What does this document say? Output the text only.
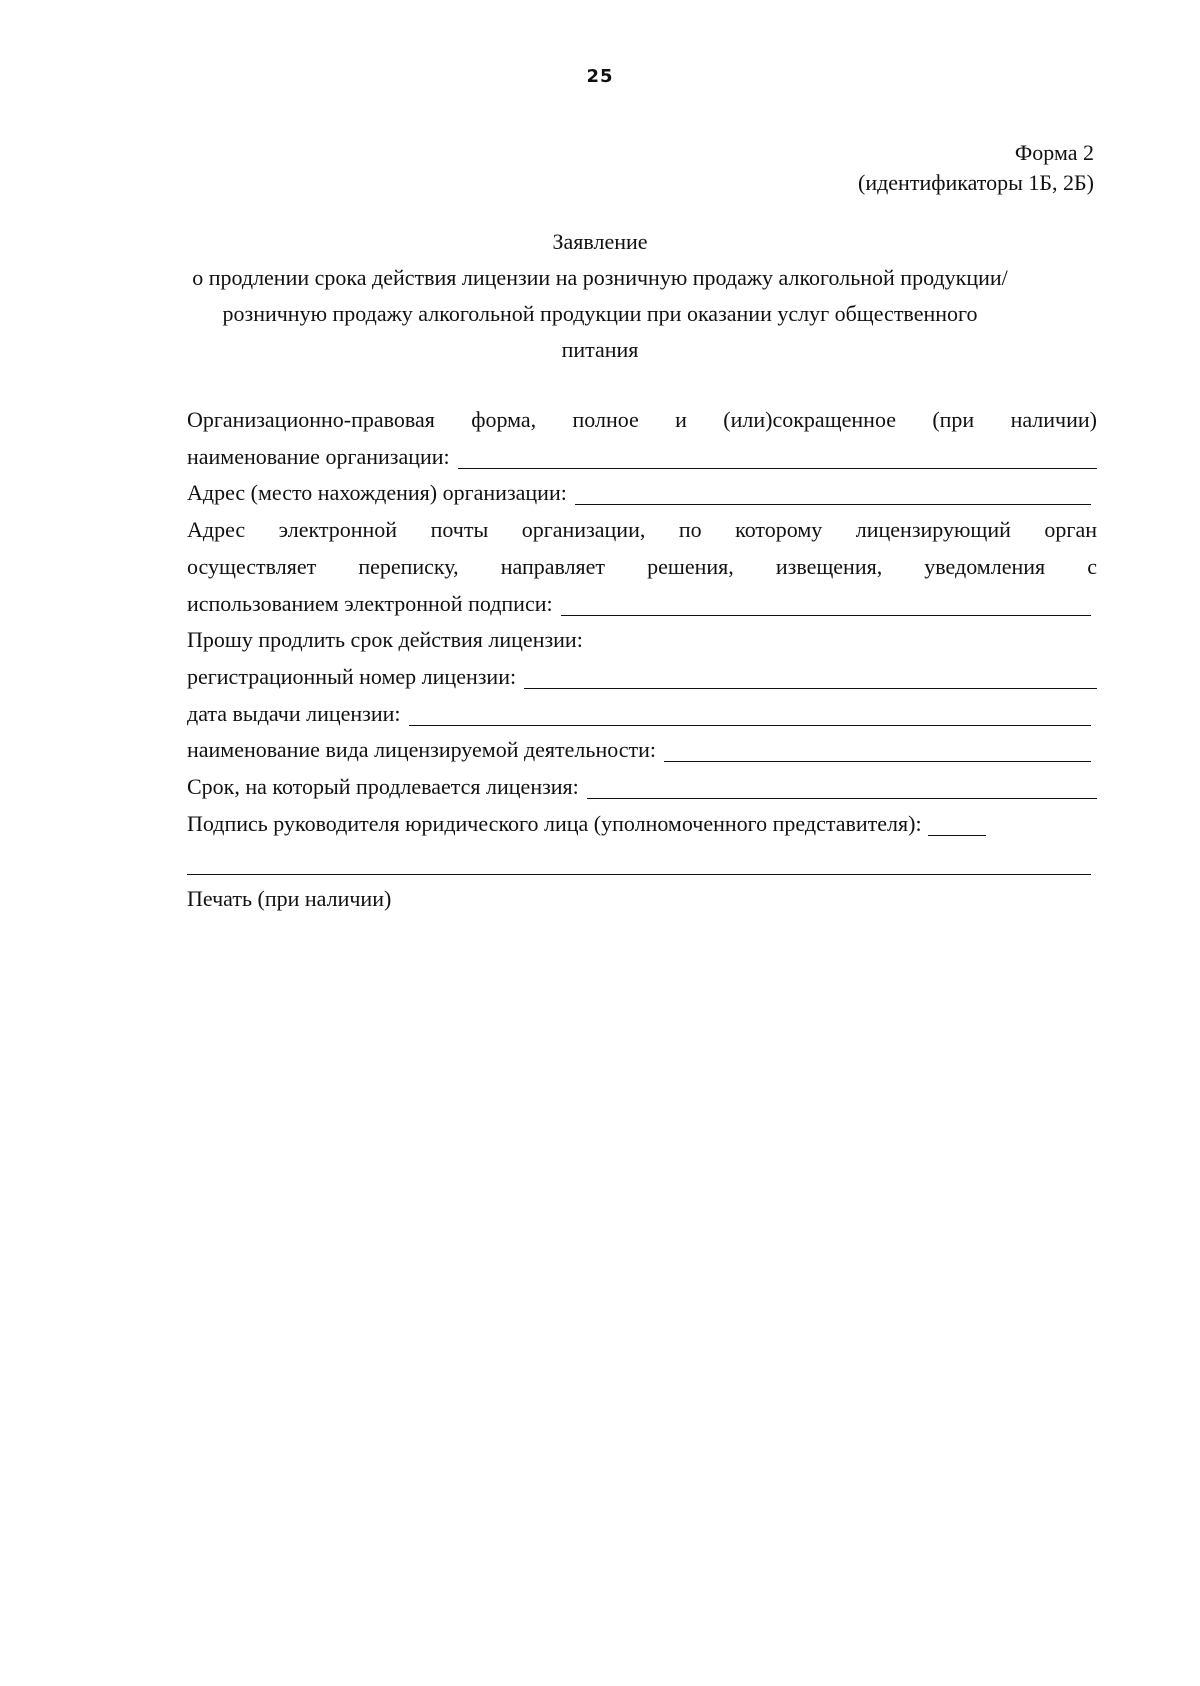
25
Форма 2
(идентификаторы 1Б, 2Б)
Заявление
о продлении срока действия лицензии на розничную продажу алкогольной продукции/
розничную продажу алкогольной продукции при оказании услуг общественного
питания
Организационно-правовая форма, полное и (или)сокращенное (при наличии)
наименование организации:
Адрес (место нахождения) организации:
Адрес электронной почты организации, по которому лицензирующий орган
осуществляет переписку, направляет решения, извещения, уведомления с
использованием электронной подписи:
Прошу продлить срок действия лицензии:
регистрационный номер лицензии:
дата выдачи лицензии:
наименование вида лицензируемой деятельности:
Срок, на который продлевается лицензия:
Подпись руководителя юридического лица (уполномоченного представителя):
Печать (при наличии)
